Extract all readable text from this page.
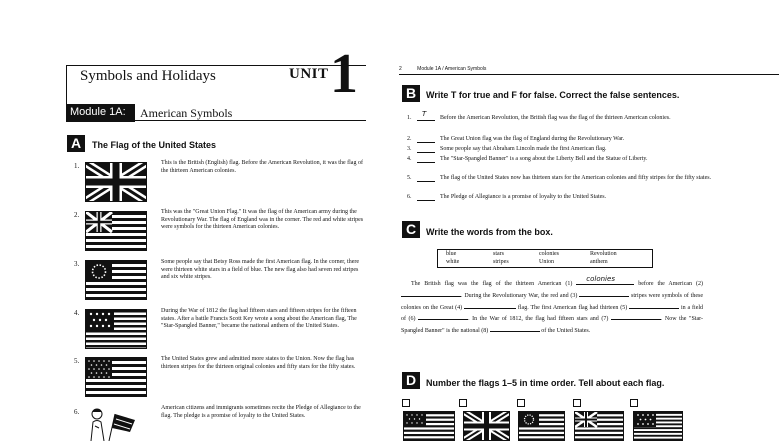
Symbols and Holidays	UNIT 1
Module 1A:	American Symbols
A	The Flag of the United States
1.	This is the British (English) flag. Before the American Revolution, it was the flag of the thirteen American colonies.
2.	This was the "Great Union Flag." It was the flag of the American army during the Revolutionary War. The flag of England was in the corner. The red and white stripes were symbols for the thirteen American colonies.
3.	Some people say that Betsy Ross made the first American flag. In the corner, there were thirteen white stars in a field of blue. The new flag also had seven red stripes and six white stripes.
4.	During the War of 1812 the flag had fifteen stars and fifteen stripes for the fifteen states. After a battle Francis Scott Key wrote a song about the American flag, The "Star-Spangled Banner," became the national anthem of the United States.
5.	The United States grew and admitted more states to the Union. Now the flag has thirteen stripes for the thirteen original colonies and fifty stars for the fifty states.
6.	American citizens and immigrants sometimes recite the Pledge of Allegiance to the flag. The pledge is a promise of loyalty to the United States.
2	Module 1A / American Symbols
B	Write T for true and F for false. Correct the false sentences.
1. T Before the American Revolution, the British flag was the flag of the thirteen American colonies.
2.	The Great Union flag was the flag of England during the Revolutionary War.
3.	Some people say that Abraham Lincoln made the first American flag.
4.	The "Star-Spangled Banner" is a song about the Liberty Bell and the Statue of Liberty.
5.	The flag of the United States now has thirteen stars for the American colonies and fifty stripes for the fifty states.
6.	The Pledge of Allegiance is a promise of loyalty to the United States.
C	Write the words from the box.
blue	stars	colonies	Revolution
white	stripes	Union	anthem
The British flag was the flag of the thirteen American (1)
colonies
before the American (2) . During the Revolutionary War, the red and (3)	stripes were symbols of these colonies on the Great (4)	flag. The first American flag had thirteen (5)	in a field of (6)	. In the War of 1812, the flag had fifteen stars and (7)	. Now the "Star-Spangled Banner" is the national (8)	of the United States.
D	Number the flags 1–5 in time order. Tell about each flag.
